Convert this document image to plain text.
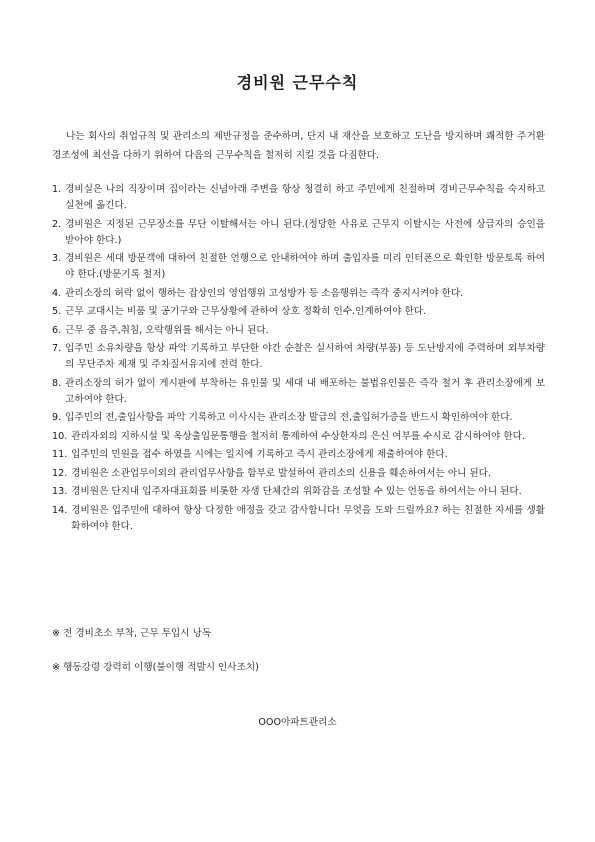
경비원 근무수칙
나는 회사의 취업규칙 및 관리소의 제반규정을 준수하며, 단지 내 재산을 보호하고 도난을 방지하며 쾌적한 주거환경조성에 최선을 다하기 위하여 다음의 근무수칙을 철저히 지킬 것을 다짐한다.
1. 경비실은 나의 직장이며 집이라는 신념아래 주변을 항상 청결히 하고 주민에게 친절하며 경비근무수칙을 숙지하고 실천에 옮긴다.
2. 경비원은 지정된 근무장소를 무단 이탈해서는 아니 된다.(정당한 사유로 근무지 이탈시는 사전에 상급자의 승인을 받아야 한다.)
3. 경비원은 세대 방문객에 대하여 친절한 언행으로 안내하여야 하며 출입자를 미리 인터폰으로 확인한 방문토록 하여야 한다.(방문기록 철저)
4. 관리소장의 허락 없이 행하는 잡상인의 영업행위 고성방가 등 소음행위는 즉각 중지시켜야 한다.
5. 근무 교대시는 비품 및 공기구와 근무상황에 관하여 상호 정확히 인수.인계하여야 한다.
6. 근무 중 음주,취침, 오락행위를 해서는 아니 된다.
7. 입주민 소유차량을 항상 파악 기록하고 부단한 야간 순찰은 실시하여 차량(부품) 등 도난방지에 주력하며 외부차량의 무단주차 제재 및 주차질서유지에 전력 한다.
8. 관리소장의 허가 없이 게시판에 부착하는 유인물 및 세대 내 배포하는 불법유인물은 즉각 철거 후 관리소장에게 보고하여야 한다.
9. 입주민의 전,출입사항을 파악 기록하고 이사시는 관리소장 발급의 전,출입허가증을 반드시 확인하여야 한다.
10. 관리자외의 지하시설 및 옥상출입문통행을 철저히 통제하여 수상한자의 은신 여부를 수시로 감시하여야 한다.
11. 입주민의 민원을 접수 하였을 시에는 일지에 기록하고 즉시 관리소장에게 제출하여야 한다.
12. 경비원은 소관업무이외의 관리업무사항을 함부로 발설하여 관리소의 신용을 훼손하여서는 아니 된다.
13. 경비원은 단지내 입주자대표회를 비롯한 자생 단체간의 위화감을 조성할 수 있는 언동을 하여서는 아니 된다.
14. 경비원은 입주민에 대하여 항상 다정한 애정을 갖고 감사합니다! 무엇을 도와 드릴까요? 하는 친절한 자세를 생활화하여야 한다.
※ 전 경비초소 부착, 근무 투입시 낭독
※ 행동강령 강력히 이행(불이행 적발시 인사조치)
OOO아파트관리소
